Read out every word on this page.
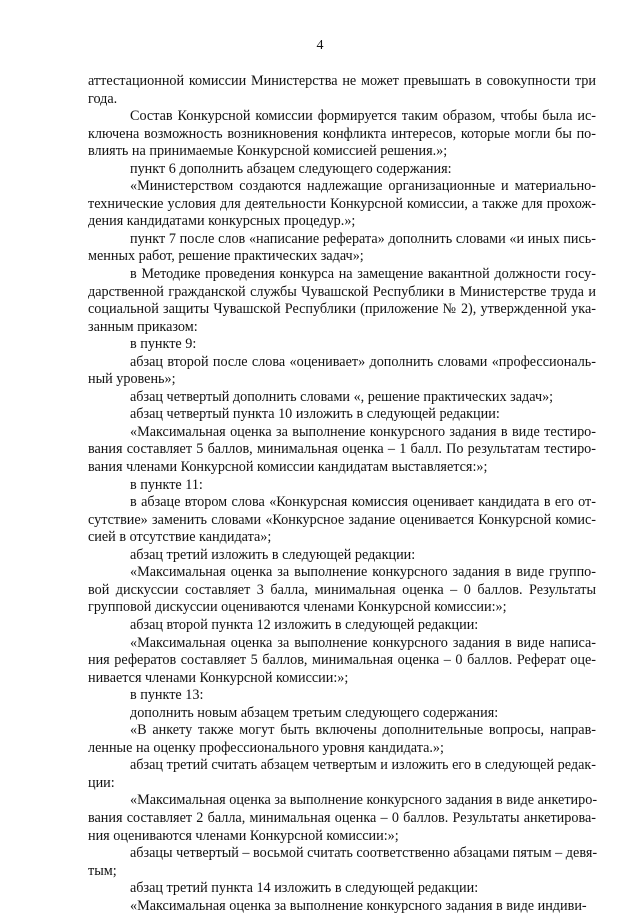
4
аттестационной комиссии Министерства не может превышать в совокупности три
года.
Состав Конкурсной комиссии формируется таким образом, чтобы была ис-
ключена возможность возникновения конфликта интересов, которые могли бы по-
влиять на принимаемые Конкурсной комиссией решения.»;
пункт 6 дополнить абзацем следующего содержания:
«Министерством создаются надлежащие организационные и материально-
технические условия для деятельности Конкурсной комиссии, а также для прохож-
дения кандидатами конкурсных процедур.»;
пункт 7 после слов «написание реферата» дополнить словами «и иных пись-
менных работ, решение практических задач»;
в Методике проведения конкурса на замещение вакантной должности госу-
дарственной гражданской службы Чувашской Республики в Министерстве труда и
социальной защиты Чувашской Республики (приложение № 2), утвержденной ука-
занным приказом:
в пункте 9:
абзац второй после слова «оценивает» дополнить словами «профессиональ-
ный уровень»;
абзац четвертый дополнить словами «, решение практических задач»;
абзац четвертый пункта 10 изложить в следующей редакции:
«Максимальная оценка за выполнение конкурсного задания в виде тестиро-
вания составляет 5 баллов, минимальная оценка – 1 балл. По результатам тестиро-
вания членами Конкурсной комиссии кандидатам выставляется:»;
в пункте 11:
в абзаце втором слова «Конкурсная комиссия оценивает кандидата в его от-
сутствие» заменить словами «Конкурсное задание оценивается Конкурсной комис-
сией в отсутствие кандидата»;
абзац третий изложить в следующей редакции:
«Максимальная оценка за выполнение конкурсного задания в виде группо-
вой дискуссии составляет 3 балла, минимальная оценка – 0 баллов. Результаты
групповой дискуссии оцениваются членами Конкурсной комиссии:»;
абзац второй пункта 12 изложить в следующей редакции:
«Максимальная оценка за выполнение конкурсного задания в виде написа-
ния рефератов составляет 5 баллов, минимальная оценка – 0 баллов. Реферат оце-
нивается членами Конкурсной комиссии:»;
в пункте 13:
дополнить новым абзацем третьим следующего содержания:
«В анкету также могут быть включены дополнительные вопросы, направ-
ленные на оценку профессионального уровня кандидата.»;
абзац третий считать абзацем четвертым и изложить его в следующей редак-
ции:
«Максимальная оценка за выполнение конкурсного задания в виде анкетиро-
вания составляет 2 балла, минимальная оценка – 0 баллов. Результаты анкетирова-
ния оцениваются членами Конкурсной комиссии:»;
абзацы четвертый – восьмой считать соответственно абзацами пятым – девя-
тым;
абзац третий пункта 14 изложить в следующей редакции:
«Максимальная оценка за выполнение конкурсного задания в виде индиви-
